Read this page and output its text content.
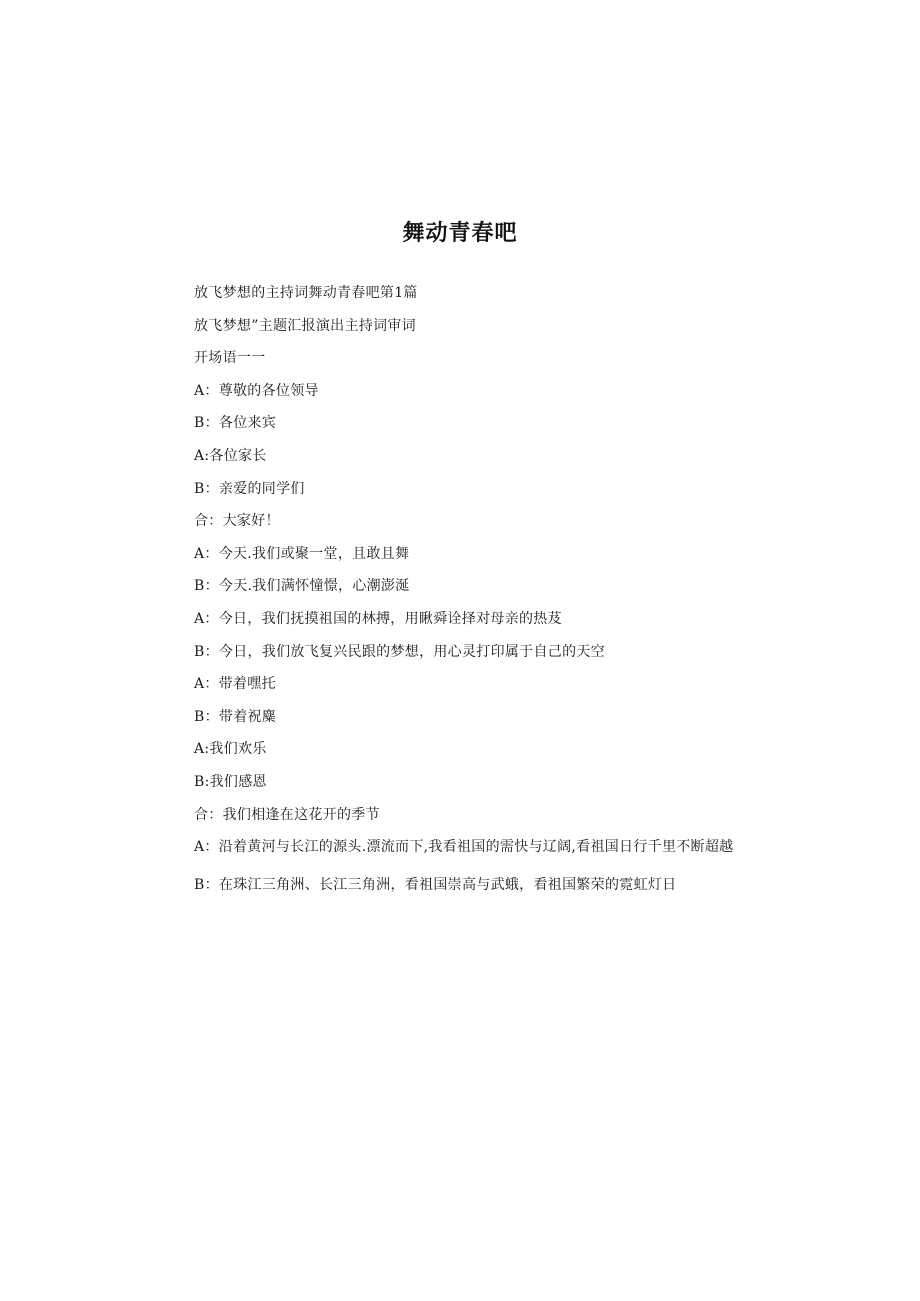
舞动青春吧

放飞梦想的主持词舞动青春吧第1篇

放飞梦想”主题汇报演出主持词审词

开场语一一

A：尊敬的各位领导

B：各位来宾

A:各位家长

B：亲爱的同学们

合：大家好！

A：今天.我们或聚一堂，且敢且舞

B：今天.我们满怀憧憬，心潮澎涎

A：今日，我们抚摸祖国的林搏，用瞅舜诠择对母亲的热芨

B：今日，我们放飞复兴民跟的梦想，用心灵打印属于自己的天空

A：带着嘿托

B：带着祝麋

A:我们欢乐

B:我们感恩

合：我们相逢在这花开的季节

A：沿着黄河与长江的源头.漂流而下,我看祖国的需快与辽阔,看祖国日行千里不断超越

B：在珠江三角洲、长江三角洲，看祖国崇高与武蛾，看祖国繁荣的霓虹灯日
